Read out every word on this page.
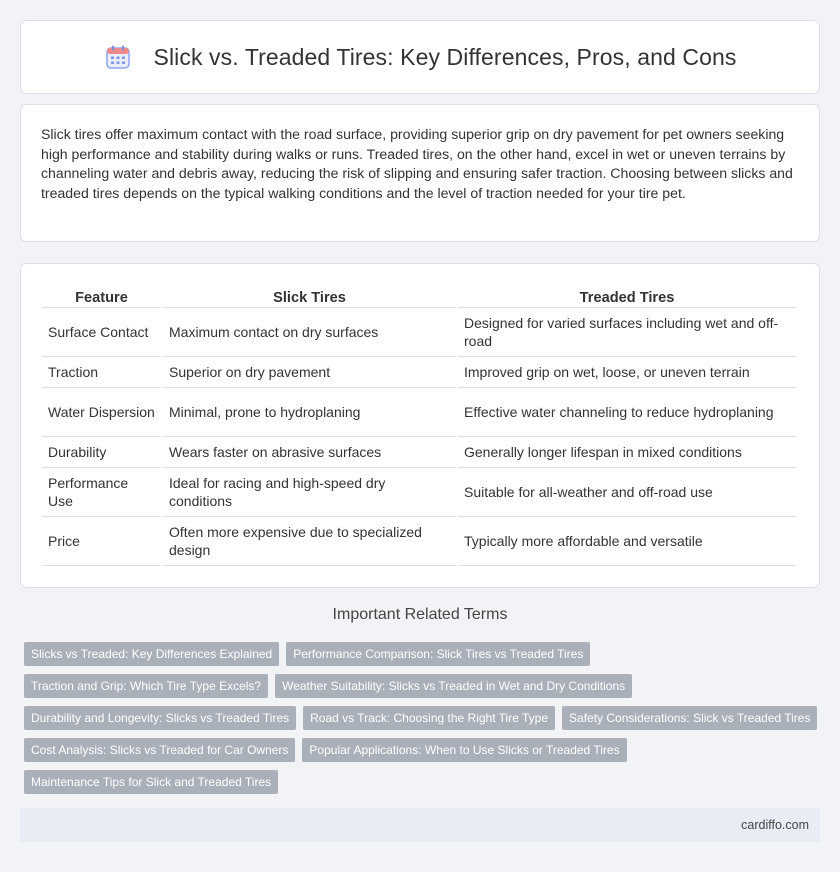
Slick vs. Treaded Tires: Key Differences, Pros, and Cons

Slick tires offer maximum contact with the road surface, providing superior grip on dry pavement for pet owners seeking high performance and stability during walks or runs. Treaded tires, on the other hand, excel in wet or uneven terrains by channeling water and debris away, reducing the risk of slipping and ensuring safer traction. Choosing between slicks and treaded tires depends on the typical walking conditions and the level of traction needed for your tire pet.

Feature	Slick Tires	Treaded Tires
Surface Contact	Maximum contact on dry surfaces	Designed for varied surfaces including wet and off-road
Traction	Superior on dry pavement	Improved grip on wet, loose, or uneven terrain
Water Dispersion	Minimal, prone to hydroplaning	Effective water channeling to reduce hydroplaning
Durability	Wears faster on abrasive surfaces	Generally longer lifespan in mixed conditions
Performance Use	Ideal for racing and high-speed dry conditions	Suitable for all-weather and off-road use
Price	Often more expensive due to specialized design	Typically more affordable and versatile
Important Related Terms
Slicks vs Treaded: Key Differences Explained	Performance Comparison: Slick Tires vs Treaded Tires
Traction and Grip: Which Tire Type Excels?	Weather Suitability: Slicks vs Treaded in Wet and Dry Conditions
Durability and Longevity: Slicks vs Treaded Tires	Road vs Track: Choosing the Right Tire Type	Safety Considerations: Slick vs Treaded Tires
Cost Analysis: Slicks vs Treaded for Car Owners	Popular Applications: When to Use Slicks or Treaded Tires
Maintenance Tips for Slick and Treaded Tires
cardiffo.com
